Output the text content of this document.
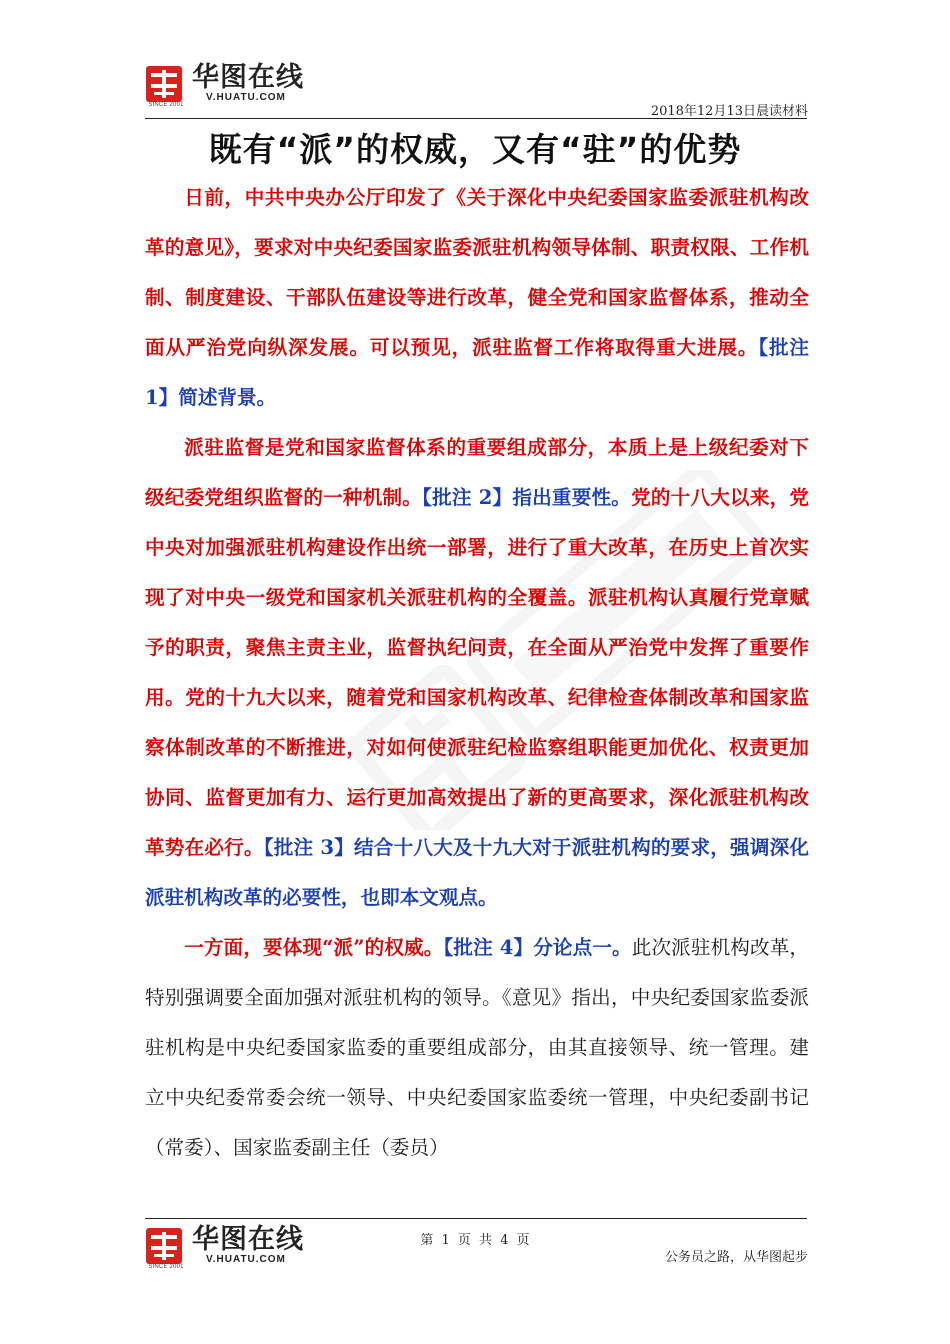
SINCE 2001
华图在线
V.HUATU.COM
2018年12月13日晨读材料
既有“派”的权威，又有“驻”的优势

日前，中共中央办公厅印发了《关于深化中央纪委国家监委派驻机构改革的意见》，要求对中央纪委国家监委派驻机构领导体制、职责权限、工作机制、制度建设、干部队伍建设等进行改革，健全党和国家监督体系，推动全面从严治党向纵深发展。可以预见，派驻监督工作将取得重大进展。【批注 1】简述背景。

派驻监督是党和国家监督体系的重要组成部分，本质上是上级纪委对下级纪委党组织监督的一种机制。【批注 2】指出重要性。党的十八大以来，党中央对加强派驻机构建设作出统一部署，进行了重大改革，在历史上首次实现了对中央一级党和国家机关派驻机构的全覆盖。派驻机构认真履行党章赋予的职责，聚焦主责主业，监督执纪问责，在全面从严治党中发挥了重要作用。党的十九大以来，随着党和国家机构改革、纪律检查体制改革和国家监察体制改革的不断推进，对如何使派驻纪检监察组职能更加优化、权责更加协同、监督更加有力、运行更加高效提出了新的更高要求，深化派驻机构改革势在必行。【批注 3】结合十八大及十九大对于派驻机构的要求，强调深化派驻机构改革的必要性，也即本文观点。

一方面，要体现“派”的权威。【批注 4】分论点一。此次派驻机构改革，特别强调要全面加强对派驻机构的领导。《意见》指出，中央纪委国家监委派驻机构是中央纪委国家监委的重要组成部分，由其直接领导、统一管理。建立中央纪委常委会统一领导、中央纪委国家监委统一管理，中央纪委副书记（常委）、国家监委副主任（委员）

SINCE 2001
华图在线
V.HUATU.COM
第 1 页 共 4 页
公务员之路，从华图起步
